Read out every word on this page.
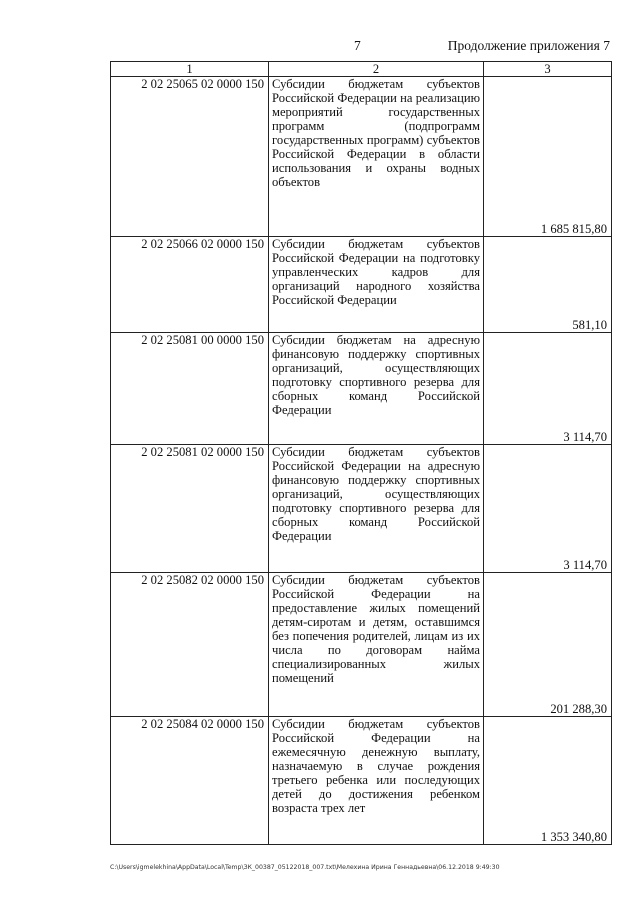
7	Продолжение приложения 7
1	2	3
2 02 25065 02 0000 150	Субсидии бюджетам субъектов Российской Федерации на реализацию мероприятий государственных программ (подпрограмм государственных программ) субъектов Российской Федерации в области использования и охраны водных объектов	1 685 815,80
2 02 25066 02 0000 150	Субсидии бюджетам субъектов Российской Федерации на подготовку управленческих кадров для организаций народного хозяйства Российской Федерации	581,10
2 02 25081 00 0000 150	Субсидии бюджетам на адресную финансовую поддержку спортивных организаций, осуществляющих подготовку спортивного резерва для сборных команд Российской Федерации	3 114,70
2 02 25081 02 0000 150	Субсидии бюджетам субъектов Российской Федерации на адресную финансовую поддержку спортивных организаций, осуществляющих подготовку спортивного резерва для сборных команд Российской Федерации	3 114,70
2 02 25082 02 0000 150	Субсидии бюджетам субъектов Российской Федерации на предоставление жилых помещений детям-сиротам и детям, оставшимся без попечения родителей, лицам из их числа по договорам найма специализированных жилых помещений	201 288,30
2 02 25084 02 0000 150	Субсидии бюджетам субъектов Российской Федерации на ежемесячную денежную выплату, назначаемую в случае рождения третьего ребенка или последующих детей до достижения ребенком возраста трех лет	1 353 340,80
C:\Users\igmelekhina\AppData\Local\Temp\ЗК_00387_05122018_007.txt\Мелехина Ирина Геннадьевна\06.12.2018 9:49:30
